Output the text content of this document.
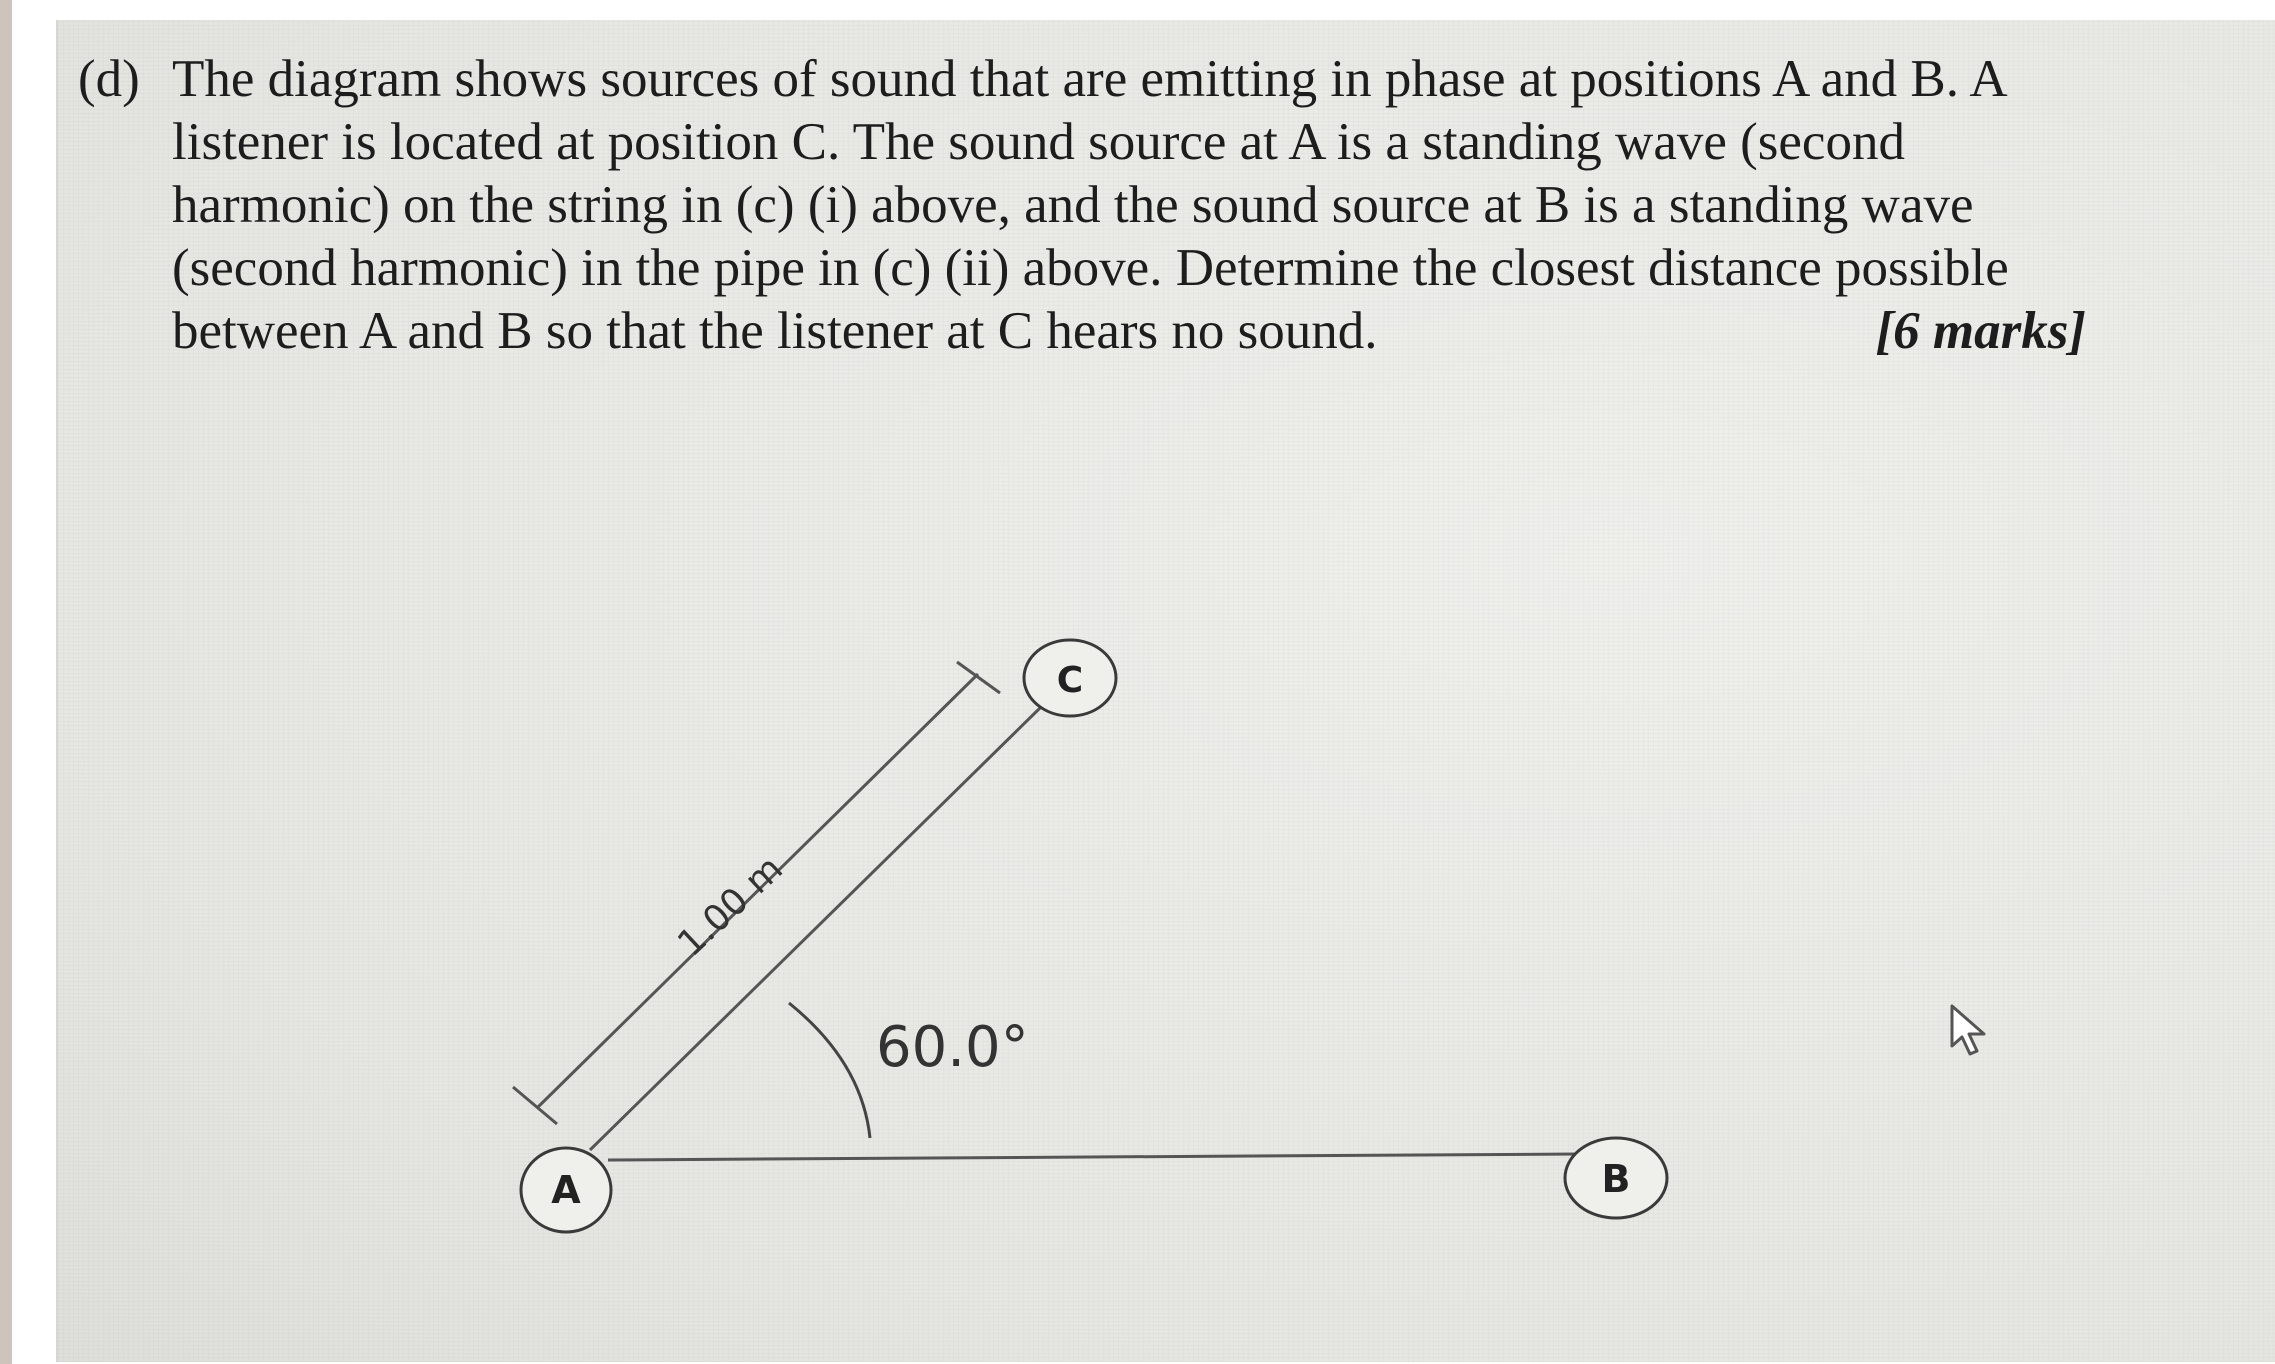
(d) The diagram shows sources of sound that are emitting in phase at positions A and B. A
listener is located at position C. The sound source at A is a standing wave (second
harmonic) on the string in (c) (i) above, and the sound source at B is a standing wave
(second harmonic) in the pipe in (c) (ii) above. Determine the closest distance possible
between A and B so that the listener at C hears no sound.	[6 marks]
1.00 m
60.0°
A	B
C
